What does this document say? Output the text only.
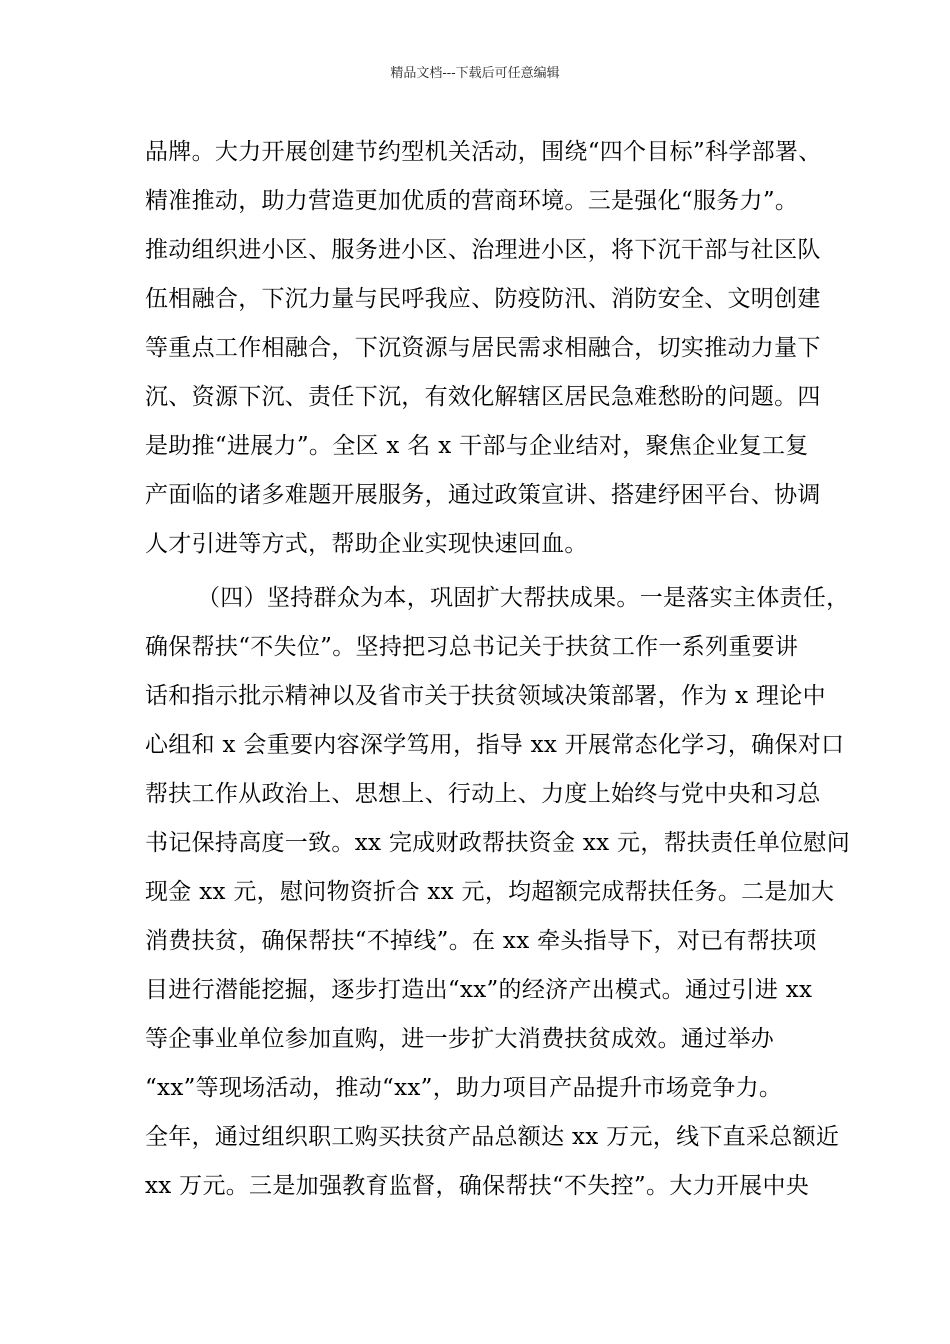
精品文档---下载后可任意编辑
品牌。大力开展创建节约型机关活动，围绕“四个目标”科学部署、
精准推动，助力营造更加优质的营商环境。三是强化“服务力”。
推动组织进小区、服务进小区、治理进小区，将下沉干部与社区队
伍相融合，下沉力量与民呼我应、防疫防汛、消防安全、文明创建
等重点工作相融合，下沉资源与居民需求相融合，切实推动力量下
沉、资源下沉、责任下沉，有效化解辖区居民急难愁盼的问题。四
是助推“进展力”。全区 x 名 x 干部与企业结对，聚焦企业复工复
产面临的诸多难题开展服务，通过政策宣讲、搭建纾困平台、协调
人才引进等方式，帮助企业实现快速回血。
（四）坚持群众为本，巩固扩大帮扶成果。一是落实主体责任，
确保帮扶“不失位”。坚持把习总书记关于扶贫工作一系列重要讲
话和指示批示精神以及省市关于扶贫领域决策部署，作为 x 理论中
心组和 x 会重要内容深学笃用，指导 xx 开展常态化学习，确保对口
帮扶工作从政治上、思想上、行动上、力度上始终与党中央和习总
书记保持高度一致。xx 完成财政帮扶资金 xx 元，帮扶责任单位慰问
现金 xx 元，慰问物资折合 xx 元，均超额完成帮扶任务。二是加大
消费扶贫，确保帮扶“不掉线”。在 xx 牵头指导下，对已有帮扶项
目进行潜能挖掘，逐步打造出“xx”的经济产出模式。通过引进 xx
等企事业单位参加直购，进一步扩大消费扶贫成效。通过举办
“xx”等现场活动，推动“xx”，助力项目产品提升市场竞争力。
全年，通过组织职工购买扶贫产品总额达 xx 万元，线下直采总额近
xx 万元。三是加强教育监督，确保帮扶“不失控”。大力开展中央
